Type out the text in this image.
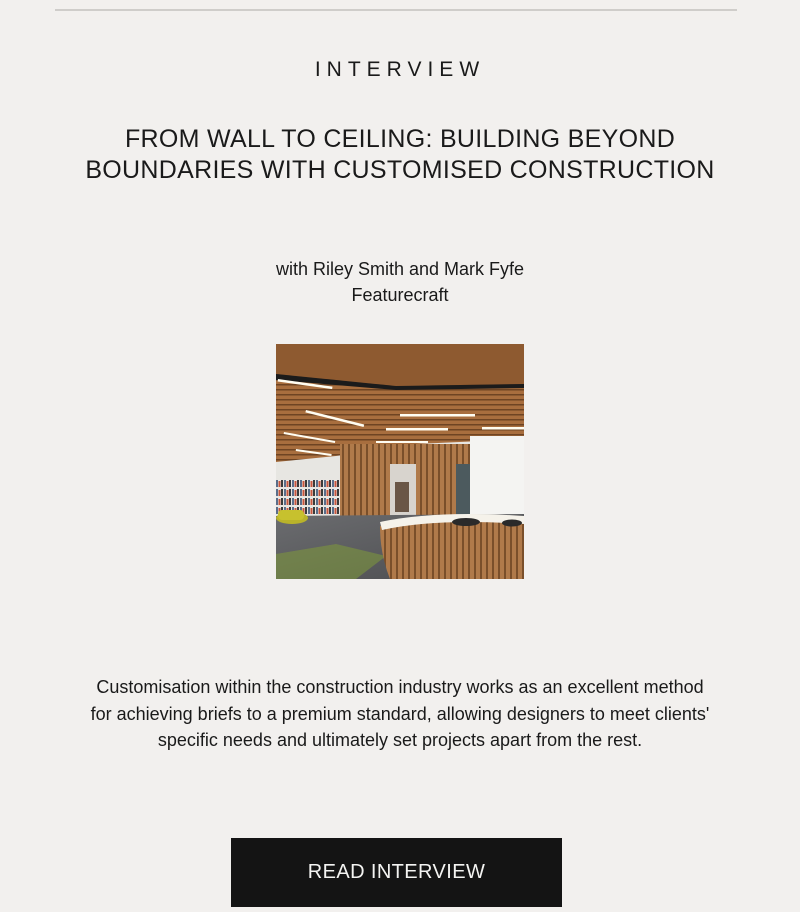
INTERVIEW
FROM WALL TO CEILING: BUILDING BEYOND BOUNDARIES WITH CUSTOMISED CONSTRUCTION
with Riley Smith and Mark Fyfe
Featurecraft

Customisation within the construction industry works as an excellent method for achieving briefs to a premium standard, allowing designers to meet clients' specific needs and ultimately set projects apart from the rest.

READ INTERVIEW
